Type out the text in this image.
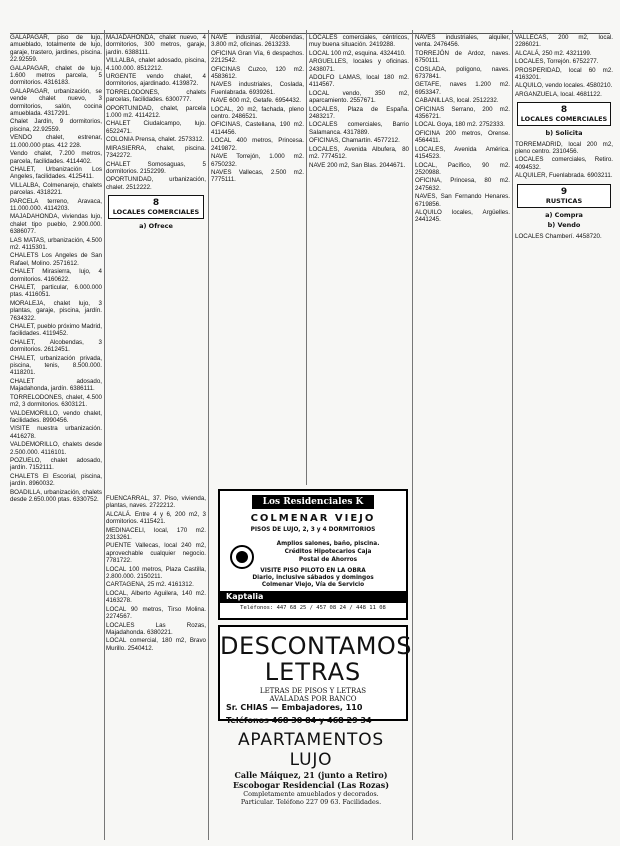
GALAPAGAR, piso de lujo, amueblado, totalmente de lujo, garaje, trastero, jardines, piscina. 22.92559.

GALAPAGAR, chalet de lujo, 1.600 metros parcela, 5 dormitorios. 4316183.

GALAPAGAR, urbanización, se vende chalet nuevo, 3 dormitorios, salón, cocina amueblada. 4317291.

Chalet Jardín, 9 dormitorios, piscina, 22.92559.

VENDO chalet, estrenar, 11.000.000 ptas. 412 228.

Vendo chalet, 7.200 metros, parcela, facilidades. 4114402.

CHALET, Urbanización Los Angeles, facilidades. 4125411.

VILLALBA, Colmenarejo, chalets parcelas. 4318221.

PARCELA terreno, Aravaca, 11.000.000. 4114203.

MAJADAHONDA, viviendas lujo, chalet tipo pueblo, 2.900.000. 6386077.

LAS MATAS, urbanización, 4.500 m2. 4115301.

CHALETS Los Angeles de San Rafael, Molino. 2571612.

CHALET Mirasierra, lujo, 4 dormitorios. 4160622.

CHALET, particular, 6.000.000 ptas. 4116051.

MORALEJA, chalet lujo, 3 plantas, garaje, piscina, jardín. 7634322.

CHALET, pueblo próximo Madrid, facilidades. 4119452.

CHALET, Alcobendas, 3 dormitorios. 2612451.

CHALET, urbanización privada, piscina, tenis, 8.500.000. 4118201.

CHALET adosado, Majadahonda, jardín. 6386111.

TORRELODONES, chalet, 4.500 m2, 3 dormitorios. 6303121.

VALDEMORILLO, vendo chalet, facilidades. 8990456.

VISITE nuestra urbanización. 4416278.

VALDEMORILLO, chalets desde 2.500.000. 4116101.

POZUELO, chalet adosado, jardín. 7152111.

CHALETS El Escorial, piscina, jardín. 8960032.

BOADILLA, urbanización, chalets desde 2.650.000 ptas. 6330752.

MAJADAHONDA, chalet nuevo, 4 dormitorios, 300 metros, garaje, jardín. 6388111.

VILLALBA, chalet adosado, piscina, 4.100.000. 8512212.

URGENTE vendo chalet, 4 dormitorios, ajardinado. 4139872.

TORRELODONES, chalets parcelas, facilidades. 6300777.

OPORTUNIDAD, chalet, parcela 1.000 m2. 4114212.

CHALET Ciudalcampo, lujo. 6522471.

COLONIA Prensa, chalet. 2573312.

MIRASIERRA, chalet, piscina. 7342272.

CHALET Somosaguas, 5 dormitorios. 2152299.

OPORTUNIDAD, urbanización, chalet. 2512222.

8
LOCALES COMERCIALES
a) Ofrece

FUENCARRAL, 37. Piso, vivienda, plantas, naves. 2722212.

ALCALÁ. Entre 4 y 6, 200 m2, 3 dormitorios. 4115421.

MEDINACELI, local, 170 m2. 2313261.

PUENTE Vallecas, local 240 m2, aprovechable cualquier negocio. 7781722.

LOCAL 100 metros, Plaza Castilla, 2.800.000. 2150211.

CARTAGENA, 25 m2. 4161312.

LOCAL, Alberto Aguilera, 140 m2. 4163278.

LOCAL 90 metros, Tirso Molina. 2274567.

LOCALES Las Rozas, Majadahonda. 6380221.

LOCAL comercial, 180 m2, Bravo Murillo. 2540412.

NAVE industrial, Alcobendas, 3.800 m2, oficinas. 2613233.

OFICINA Gran Vía, 6 despachos. 2212542.

OFICINAS Cuzco, 120 m2. 4583612.

NAVES industriales, Coslada, Fuenlabrada. 6939261.

NAVE 600 m2, Getafe. 6954432.

LOCAL, 20 m2, fachada, pleno centro. 2486521.

OFICINAS, Castellana, 190 m2. 4114456.

LOCAL 400 metros, Princesa. 2419872.

NAVE Torrejón, 1.000 m2. 6750232.

NAVES Vallecas, 2.500 m2. 7775111.

LOCALES comerciales, céntricos, muy buena situación. 2419288.

LOCAL 100 m2, esquina. 4324410.

ARGUELLES, locales y oficinas. 2438071.

ADOLFO LAMAS, local 180 m2. 4114567.

LOCAL vendo, 350 m2, aparcamiento. 2557671.

LOCALES, Plaza de España. 2483217.

LOCALES comerciales, Barrio Salamanca. 4317889.

OFICINAS, Chamartín. 4577212.

LOCALES, Avenida Albufera, 80 m2. 7774512.

NAVE 200 m2, San Blas. 2044671.

NAVES industriales, alquiler, venta. 2476456.

TORREJÓN de Ardoz, naves. 6750111.

COSLADA, polígono, naves. 6737841.

GETAFE, naves 1.200 m2. 6953347.

CABANILLAS, local. 2512232.

OFICINAS Serrano, 200 m2. 4356721.

LOCAL Goya, 180 m2. 2752333.

OFICINA 200 metros, Orense. 4564411.

LOCALES, Avenida América. 4154523.

LOCAL, Pacífico, 90 m2. 2520988.

OFICINA, Princesa, 80 m2. 2475632.

NAVES, San Fernando Henares. 6719856.

ALQUILO locales, Argüelles. 2441245.

VALLECAS, 200 m2, local. 2286021.

ALCALÁ, 250 m2. 4321199.

LOCALES, Torrejón. 6752277.

PROSPERIDAD, local 60 m2. 4163201.

ALQUILO, vendo locales. 4580210.

ARGANZUELA, local. 4681122.

8
LOCALES COMERCIALES
b) Solicita

TORREMADRID, local 200 m2, pleno centro. 2310456.

LOCALES comerciales, Retiro. 4094532.

ALQUILER, Fuenlabrada. 6903211.

9
RUSTICAS
a) Compra
b) Vendo

LOCALES Chamberí. 4458720.

Los Residenciales K
COLMENAR VIEJO
PISOS DE LUJO, 2, 3 y 4 DORMITORIOS
Amplios salones, baño, piscina.
Créditos Hipotecarios Caja
Postal de Ahorros
VISITE PISO PILOTO EN LA OBRA
Diario, inclusive sábados y domingos
Colmenar Viejo, Vía de Servicio
Kaptalia
Teléfonos: 447 68 25 / 457 08 24 / 448 11 08
DESCONTAMOS
LETRAS
LETRAS DE PISOS Y LETRAS
AVALADAS POR BANCO
Sr. CHIAS — Embajadores, 110
Teléfonos 468 30 84 y 468 29 34
APARTAMENTOS LUJO
Calle Máiquez, 21 (junto a Retiro)
Escobogar Residencial (Las Rozas)
Completamente amueblados y decorados.
Particular. Teléfono 227 09 63. Facilidades.
